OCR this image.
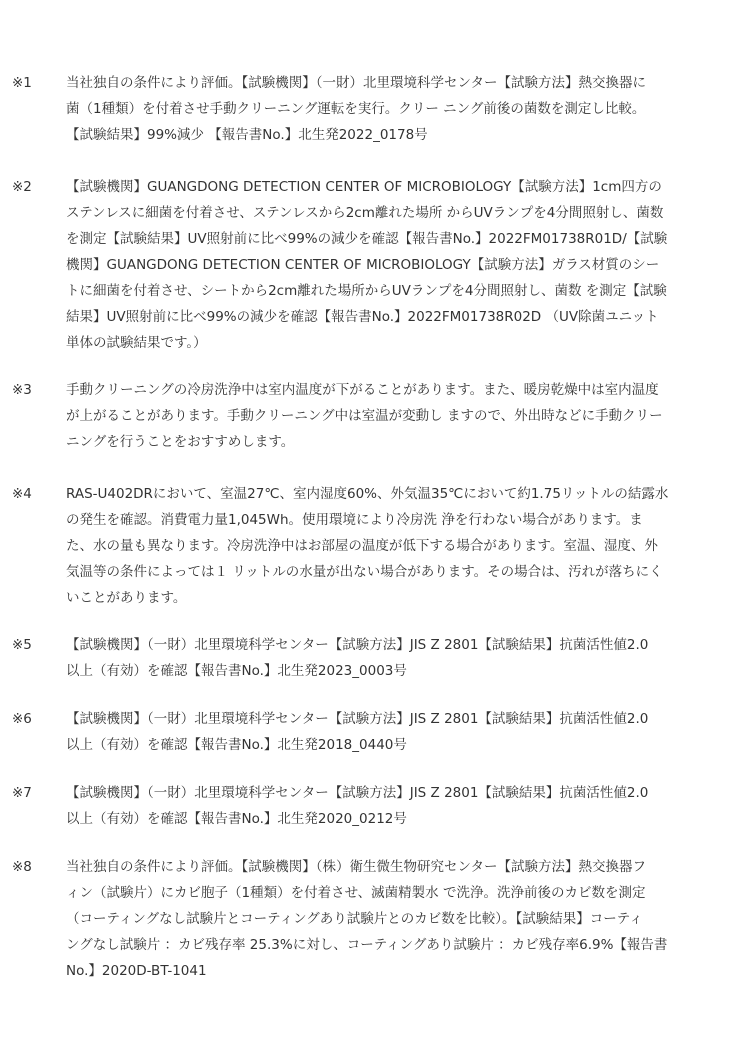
※1	当社独自の条件により評価。【試験機関】（一財）北里環境科学センター【試験方法】熱交換器に
菌（1種類）を付着させ手動クリーニング運転を実行。クリー ニング前後の菌数を測定し比較。
【試験結果】99%減少 【報告書No.】北生発2022_0178号
※2	【試験機関】GUANGDONG DETECTION CENTER OF MICROBIOLOGY【試験方法】1cm四方の
ステンレスに細菌を付着させ、ステンレスから2cm離れた場所 からUVランプを4分間照射し、菌数
を測定【試験結果】UV照射前に比べ99%の減少を確認【報告書No.】2022FM01738R01D/【試験
機関】GUANGDONG DETECTION CENTER OF MICROBIOLOGY【試験方法】ガラス材質のシー
トに細菌を付着させ、シートから2cm離れた場所からUVランプを4分間照射し、菌数 を測定【試験
結果】UV照射前に比べ99%の減少を確認【報告書No.】2022FM01738R02D （UV除菌ユニット
単体の試験結果です。）
※3	手動クリーニングの冷房洗浄中は室内温度が下がることがあります。また、暖房乾燥中は室内温度
が上がることがあります。手動クリーニング中は室温が変動し ますので、外出時などに手動クリー
ニングを行うことをおすすめします。
※4	RAS-U402DRにおいて、室温27℃、室内湿度60%、外気温35℃において約1.75リットルの結露水
の発生を確認。消費電力量1,045Wh。使用環境により冷房洗 浄を行わない場合があります。ま
た、水の量も異なります。冷房洗浄中はお部屋の温度が低下する場合があります。室温、湿度、外
気温等の条件によっては１ リットルの水量が出ない場合があります。その場合は、汚れが落ちにく
いことがあります。
※5	【試験機関】（一財）北里環境科学センター【試験方法】JIS Z 2801【試験結果】抗菌活性値2.0
以上（有効）を確認【報告書No.】北生発2023_0003号
※6	【試験機関】（一財）北里環境科学センター【試験方法】JIS Z 2801【試験結果】抗菌活性値2.0
以上（有効）を確認【報告書No.】北生発2018_0440号
※7	【試験機関】（一財）北里環境科学センター【試験方法】JIS Z 2801【試験結果】抗菌活性値2.0
以上（有効）を確認【報告書No.】北生発2020_0212号
※8	当社独自の条件により評価。【試験機関】（株）衛生微生物研究センター【試験方法】熱交換器フ
ィン（試験片）にカビ胞子（1種類）を付着させ、滅菌精製水 で洗浄。洗浄前後のカビ数を測定
（コーティングなし試験片とコーティングあり試験片とのカビ数を比較）。【試験結果】コーティ
ングなし試験片 ：カビ残存率 25.3%に対し、コーティングあり試験片 ：カビ残存率6.9%【報告書
No.】2020D-BT-1041
